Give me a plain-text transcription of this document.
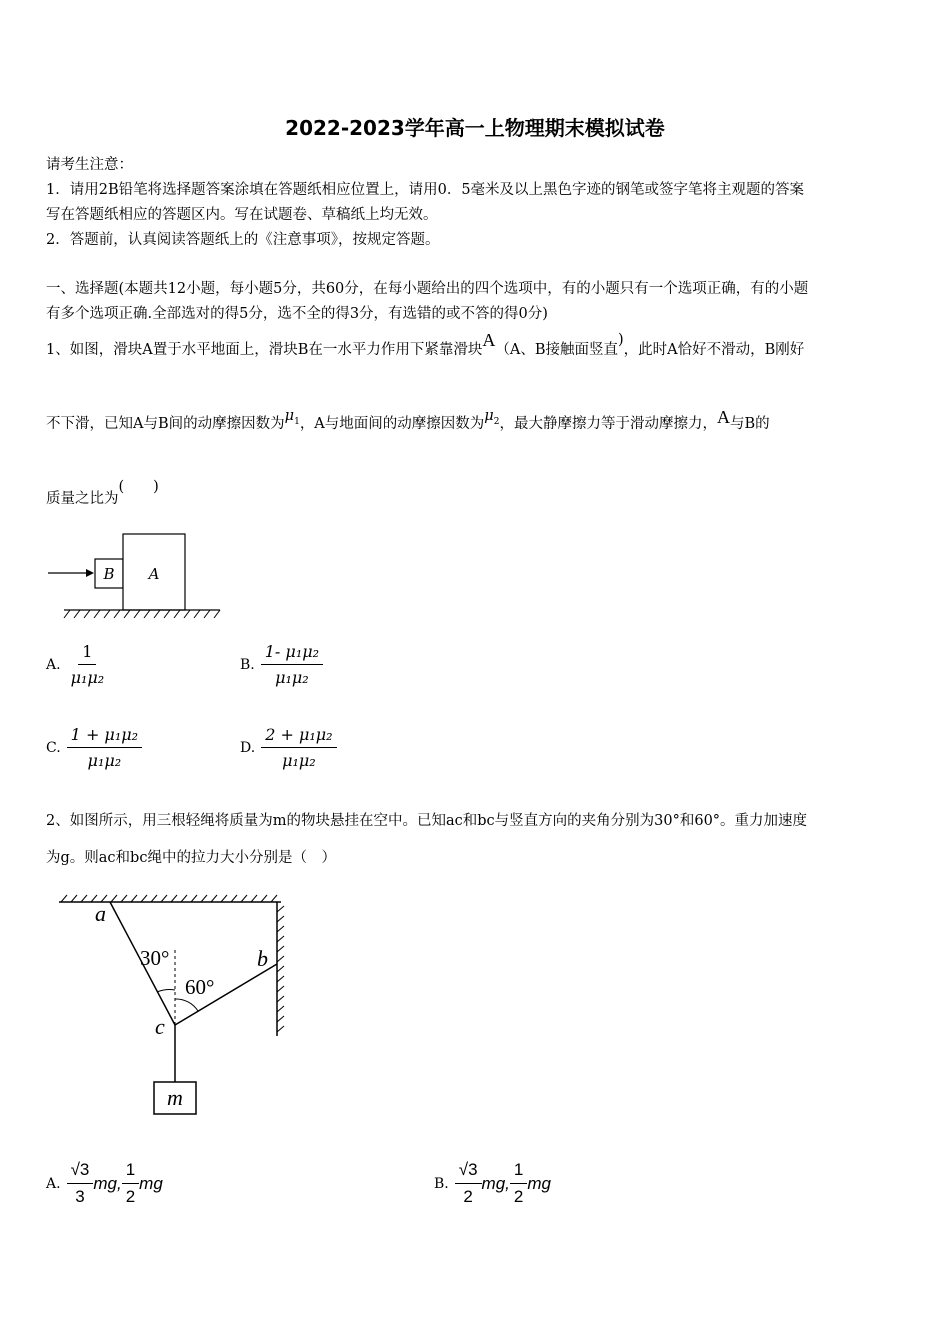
2022-2023学年高一上物理期末模拟试卷
请考生注意：
1．请用2B铅笔将选择题答案涂填在答题纸相应位置上，请用0．5毫米及以上黑色字迹的钢笔或签字笔将主观题的答案
写在答题纸相应的答题区内。写在试题卷、草稿纸上均无效。
2．答题前，认真阅读答题纸上的《注意事项》，按规定答题。
一、选择题(本题共12小题，每小题5分，共60分，在每小题给出的四个选项中，有的小题只有一个选项正确，有的小题
有多个选项正确.全部选对的得5分，选不全的得3分，有选错的或不答的得0分)
1、如图，滑块A置于水平地面上，滑块B在一水平力作用下紧靠滑块A（A、B接触面竖直)，此时A恰好不滑动，B刚好
不下滑，已知A与B间的动摩擦因数为$\mu_1$，A与地面间的动摩擦因数为$\mu_2$，最大静摩擦力等于滑动摩擦力，A与B的
质量之比为(　　)
B A
A. $\frac{1}{\text{μ₁μ₂}}$	B. $\frac{\text{1- μ₁μ₂}}{\text{μ₁μ₂}}$
C. $\frac{\text{1 + μ₁μ₂}}{\text{μ₁μ₂}}$	D. $\frac{\text{2 + μ₁μ₂}}{\text{μ₁μ₂}}$
2、如图所示，用三根轻绳将质量为m的物块悬挂在空中。已知ac和bc与竖直方向的夹角分别为30°和60°。重力加速度
为g。则ac和bc绳中的拉力大小分别是（　）
a
b
c
m
30°
60°
A. $\frac{√3}{3}$ mg, $\frac{1}{2}$ mg	B. $\frac{√3}{2}$ mg, $\frac{1}{2}$ mg
